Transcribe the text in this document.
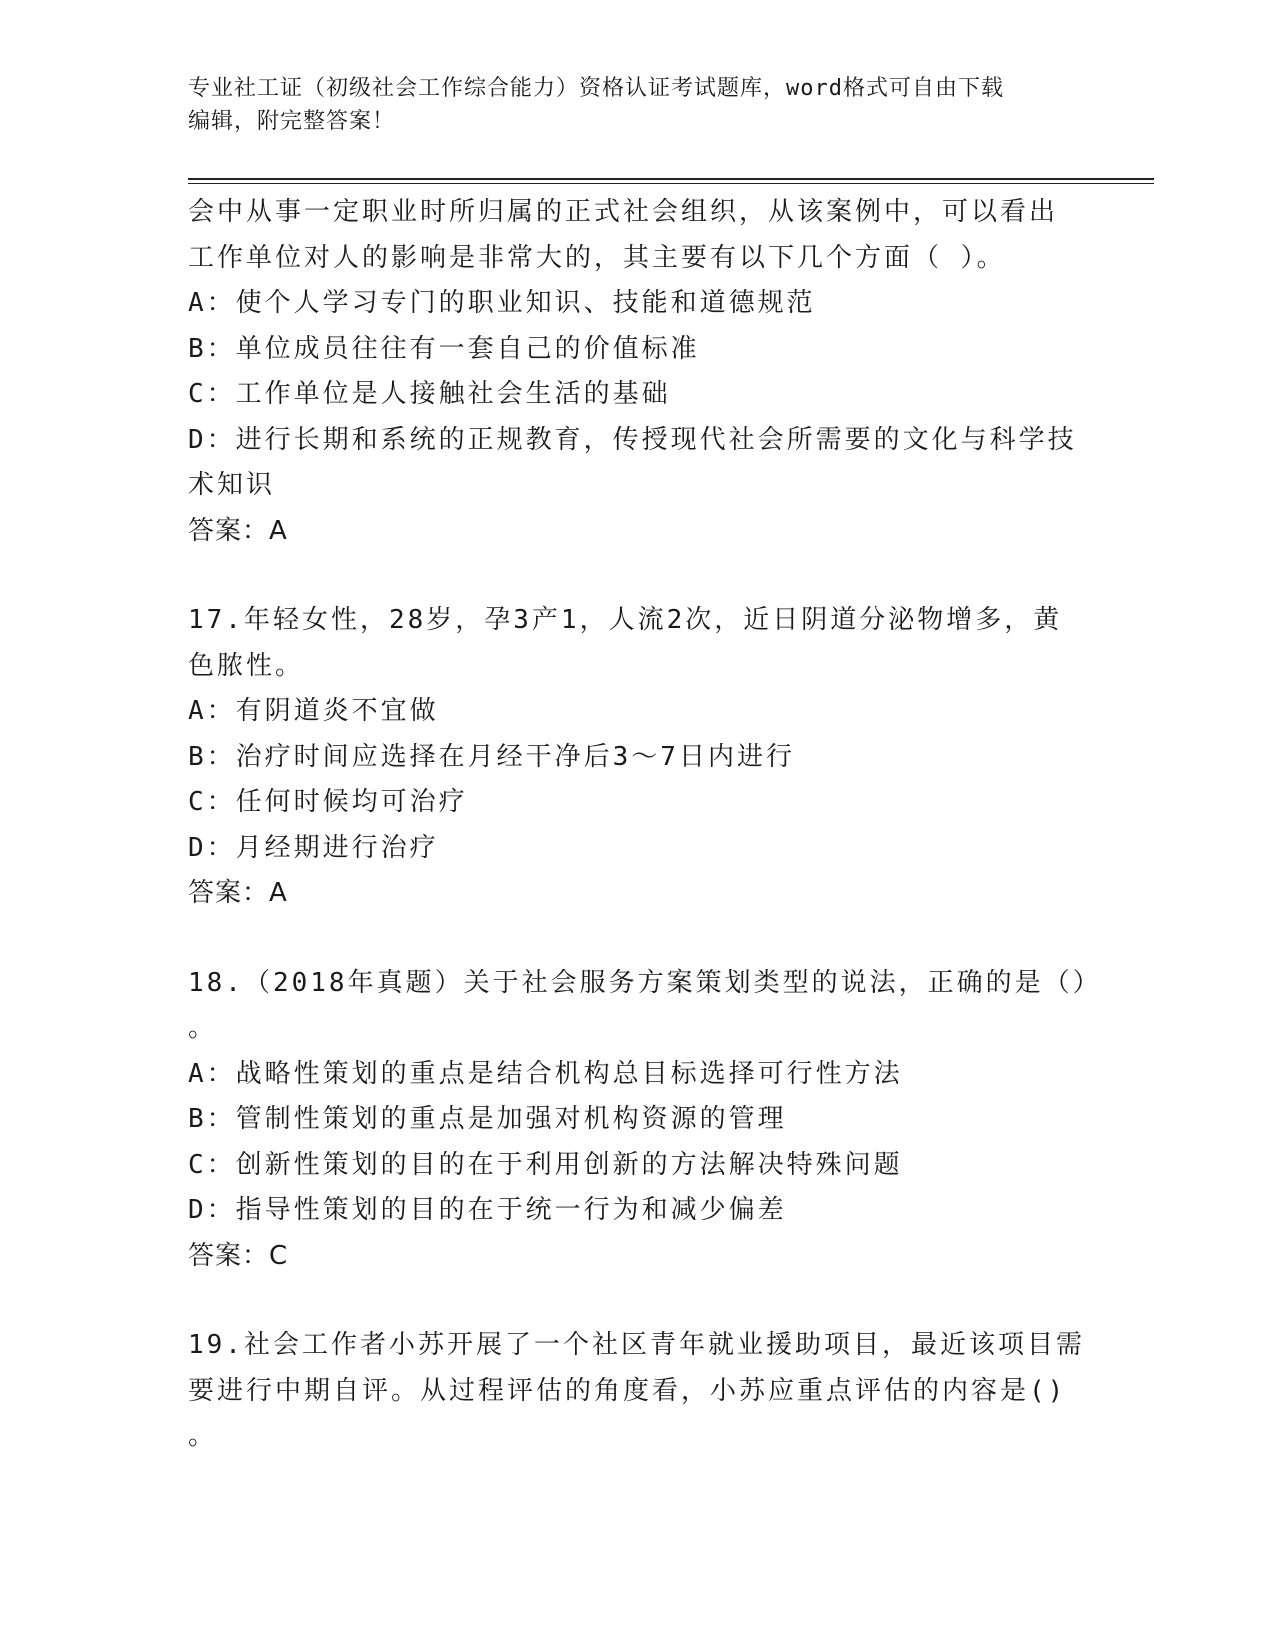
专业社工证（初级社会工作综合能力）资格认证考试题库，word格式可自由下载
编辑，附完整答案！
会中从事一定职业时所归属的正式社会组织，从该案例中，可以看出
工作单位对人的影响是非常大的，其主要有以下几个方面（ ）。
A：使个人学习专门的职业知识、技能和道德规范
B：单位成员往往有一套自己的价值标准
C：工作单位是人接触社会生活的基础
D：进行长期和系统的正规教育，传授现代社会所需要的文化与科学技
术知识
答案：A
17.年轻女性，28岁，孕3产1，人流2次，近日阴道分泌物增多，黄
色脓性。
A：有阴道炎不宜做
B：治疗时间应选择在月经干净后3～7日内进行
C：任何时候均可治疗
D：月经期进行治疗
答案：A
18.（2018年真题）关于社会服务方案策划类型的说法，正确的是（）
。
A：战略性策划的重点是结合机构总目标选择可行性方法
B：管制性策划的重点是加强对机构资源的管理
C：创新性策划的目的在于利用创新的方法解决特殊问题
D：指导性策划的目的在于统一行为和减少偏差
答案：C
19.社会工作者小苏开展了一个社区青年就业援助项目，最近该项目需
要进行中期自评。从过程评估的角度看，小苏应重点评估的内容是()
。
